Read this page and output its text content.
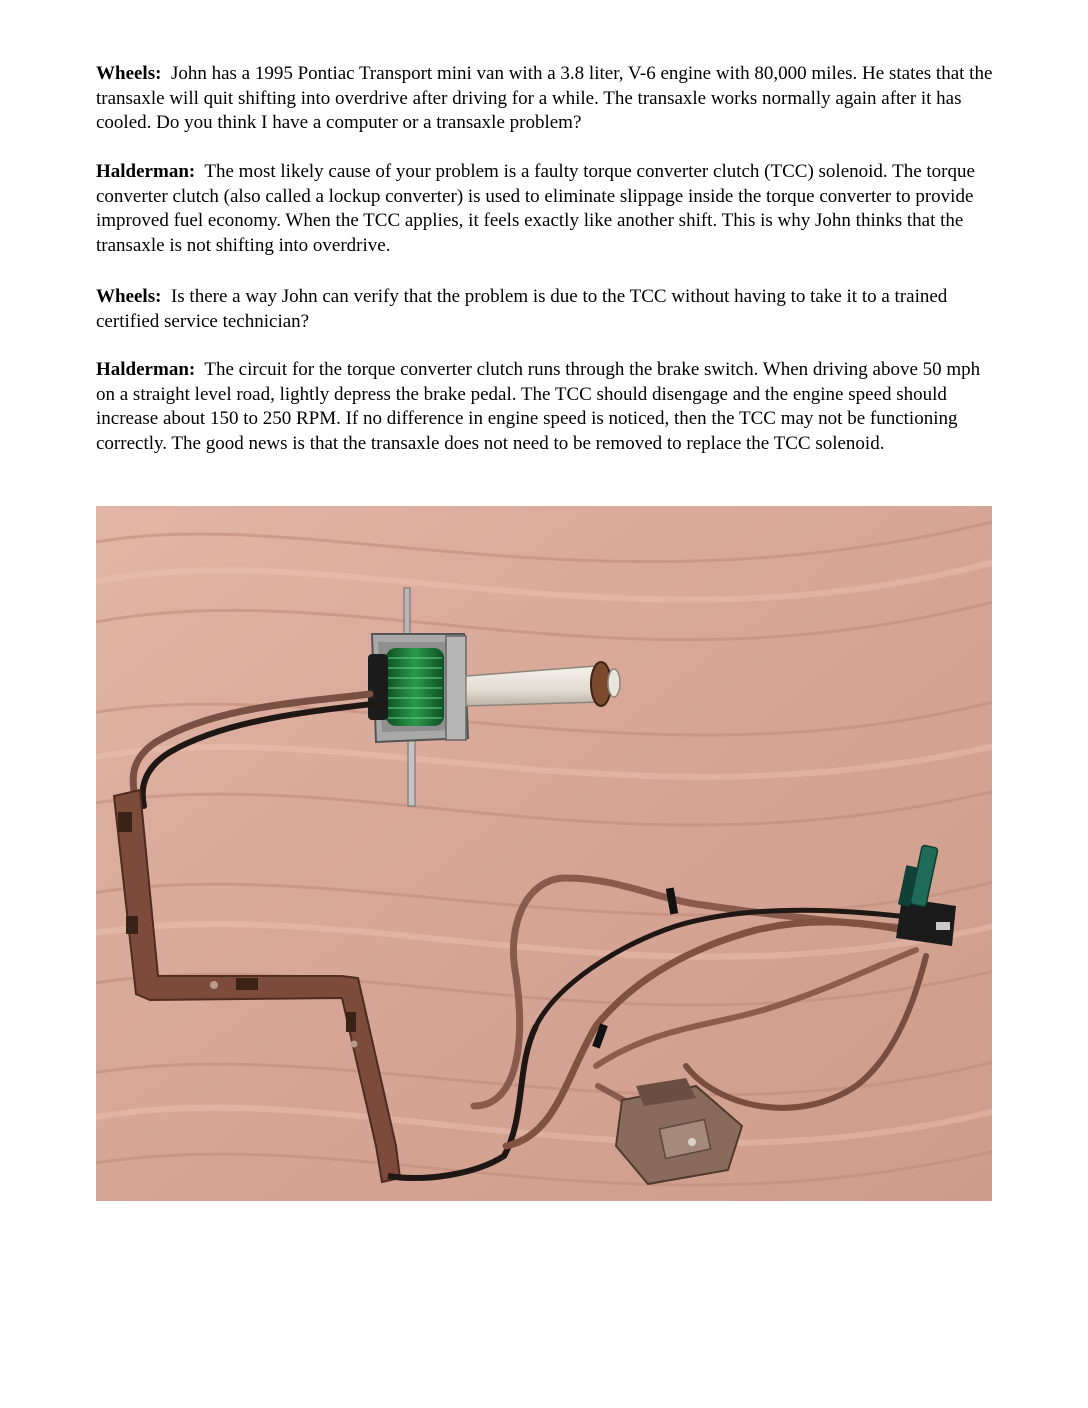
Wheels: John has a 1995 Pontiac Transport mini van with a 3.8 liter, V-6 engine with 80,000 miles. He states that the transaxle will quit shifting into overdrive after driving for a while. The transaxle works normally again after it has cooled. Do you think I have a computer or a transaxle problem?

Halderman: The most likely cause of your problem is a faulty torque converter clutch (TCC) solenoid. The torque converter clutch (also called a lockup converter) is used to eliminate slippage inside the torque converter to provide improved fuel economy. When the TCC applies, it feels exactly like another shift. This is why John thinks that the transaxle is not shifting into overdrive.

Wheels: Is there a way John can verify that the problem is due to the TCC without having to take it to a trained certified service technician?

Halderman: The circuit for the torque converter clutch runs through the brake switch. When driving above 50 mph on a straight level road, lightly depress the brake pedal. The TCC should disengage and the engine speed should increase about 150 to 250 RPM. If no difference in engine speed is noticed, then the TCC may not be functioning correctly. The good news is that the transaxle does not need to be removed to replace the TCC solenoid.
